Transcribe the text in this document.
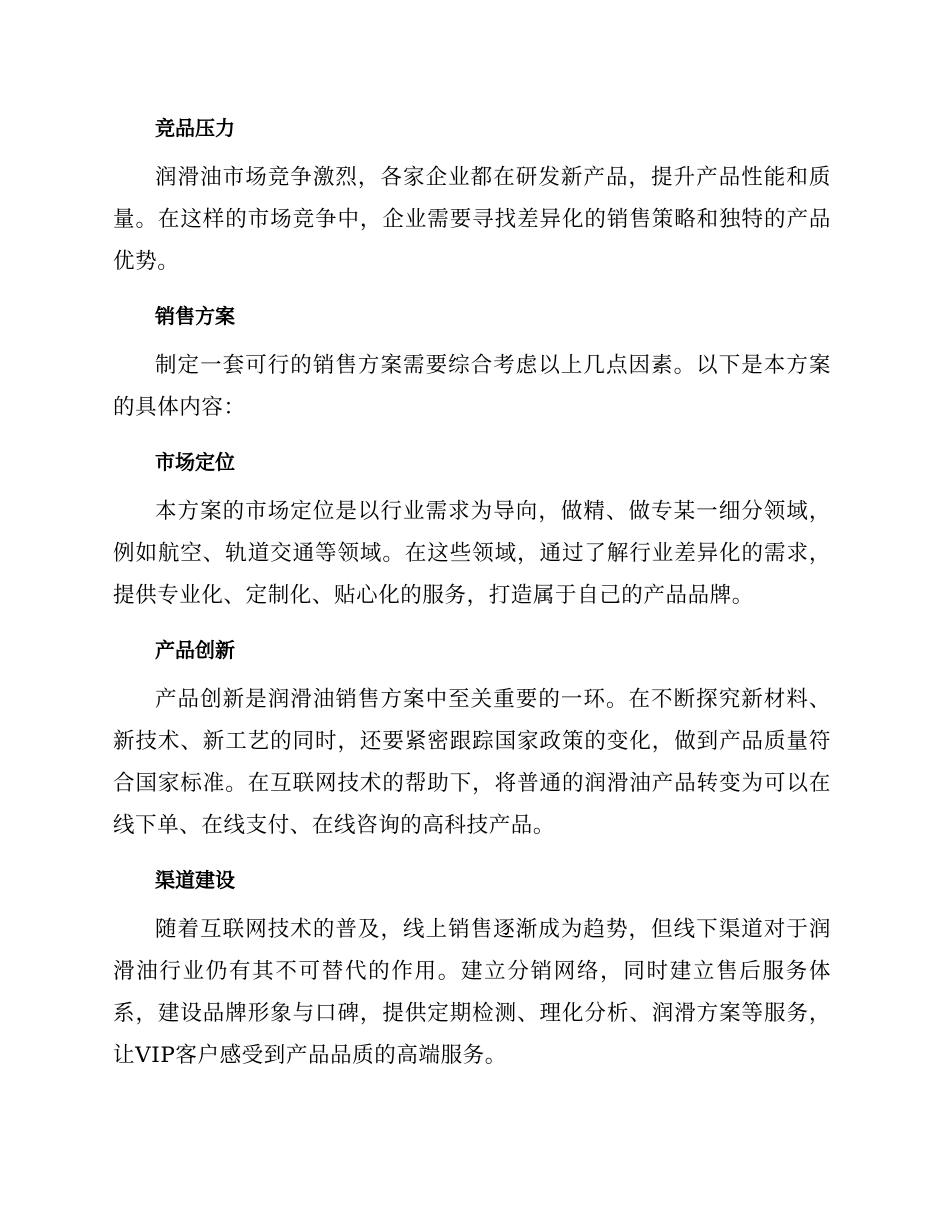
竞品压力

润滑油市场竞争激烈，各家企业都在研发新产品，提升产品性能和质量。在这样的市场竞争中，企业需要寻找差异化的销售策略和独特的产品优势。

销售方案

制定一套可行的销售方案需要综合考虑以上几点因素。以下是本方案的具体内容：

市场定位

本方案的市场定位是以行业需求为导向，做精、做专某一细分领域，例如航空、轨道交通等领域。在这些领域，通过了解行业差异化的需求，提供专业化、定制化、贴心化的服务，打造属于自己的产品品牌。

产品创新

产品创新是润滑油销售方案中至关重要的一环。在不断探究新材料、新技术、新工艺的同时，还要紧密跟踪国家政策的变化，做到产品质量符合国家标准。在互联网技术的帮助下，将普通的润滑油产品转变为可以在线下单、在线支付、在线咨询的高科技产品。

渠道建设

随着互联网技术的普及，线上销售逐渐成为趋势，但线下渠道对于润滑油行业仍有其不可替代的作用。建立分销网络，同时建立售后服务体系，建设品牌形象与口碑，提供定期检测、理化分析、润滑方案等服务，让VIP客户感受到产品品质的高端服务。
